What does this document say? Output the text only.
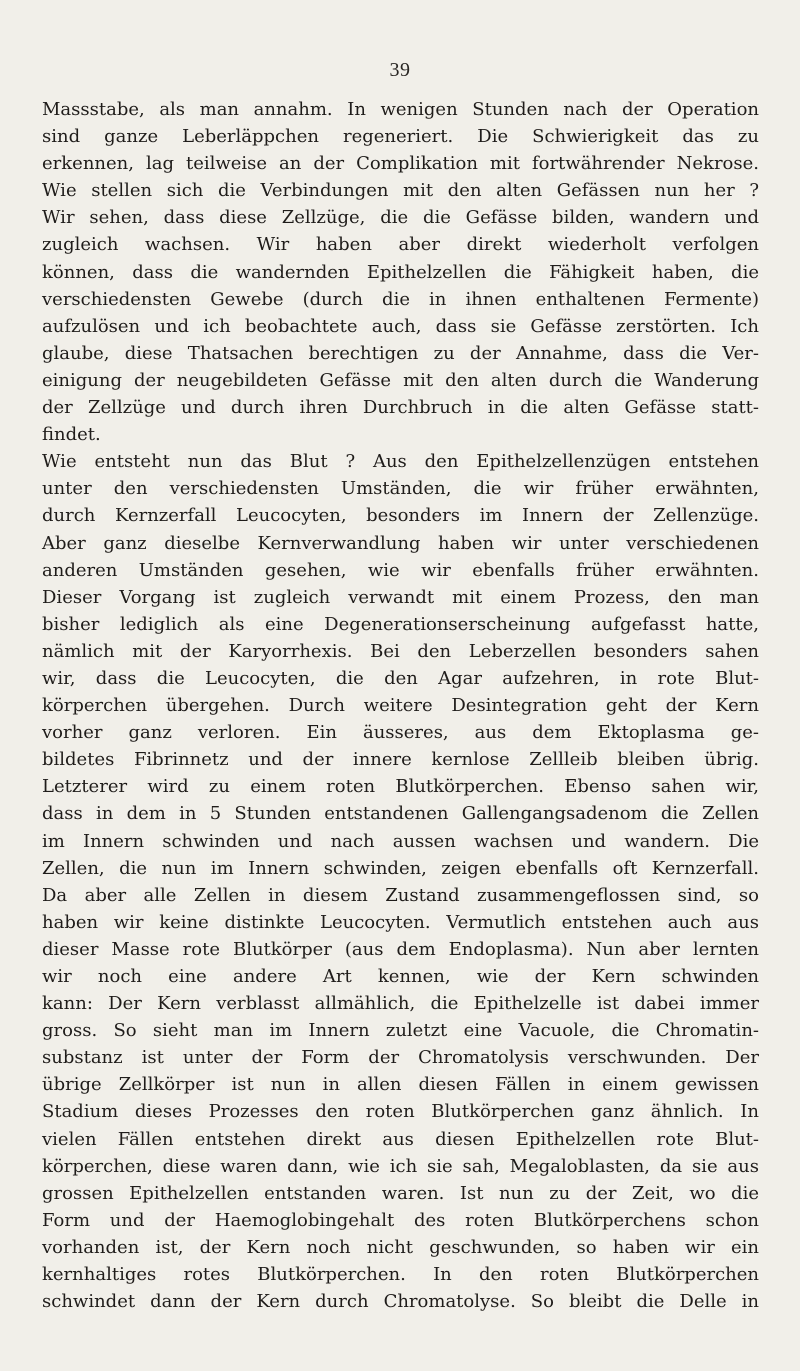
39
Massstabe, als man annahm. In wenigen Stunden nach der Operation
sind ganze Leberläppchen regeneriert. Die Schwierigkeit das zu
erkennen, lag teilweise an der Complikation mit fortwährender Nekrose.
Wie stellen sich die Verbindungen mit den alten Gefässen nun her ?
Wir sehen, dass diese Zellzüge, die die Gefässe bilden, wandern und
zugleich wachsen. Wir haben aber direkt wiederholt verfolgen
können, dass die wandernden Epithelzellen die Fähigkeit haben, die
verschiedensten Gewebe (durch die in ihnen enthaltenen Fermente)
aufzulösen und ich beobachtete auch, dass sie Gefässe zerstörten. Ich
glaube, diese Thatsachen berechtigen zu der Annahme, dass die Ver-
einigung der neugebildeten Gefässe mit den alten durch die Wanderung
der Zellzüge und durch ihren Durchbruch in die alten Gefässe statt-
findet.
Wie entsteht nun das Blut ? Aus den Epithelzellenzügen entstehen
unter den verschiedensten Umständen, die wir früher erwähnten,
durch Kernzerfall Leucocyten, besonders im Innern der Zellenzüge.
Aber ganz dieselbe Kernverwandlung haben wir unter verschiedenen
anderen Umständen gesehen, wie wir ebenfalls früher erwähnten.
Dieser Vorgang ist zugleich verwandt mit einem Prozess, den man
bisher lediglich als eine Degenerationserscheinung aufgefasst hatte,
nämlich mit der Karyorrhexis. Bei den Leberzellen besonders sahen
wir, dass die Leucocyten, die den Agar aufzehren, in rote Blut-
körperchen übergehen. Durch weitere Desintegration geht der Kern
vorher ganz verloren. Ein äusseres, aus dem Ektoplasma ge-
bildetes Fibrinnetz und der innere kernlose Zellleib bleiben übrig.
Letzterer wird zu einem roten Blutkörperchen. Ebenso sahen wir,
dass in dem in 5 Stunden entstandenen Gallengangsadenom die Zellen
im Innern schwinden und nach aussen wachsen und wandern. Die
Zellen, die nun im Innern schwinden, zeigen ebenfalls oft Kernzerfall.
Da aber alle Zellen in diesem Zustand zusammengeflossen sind, so
haben wir keine distinkte Leucocyten. Vermutlich entstehen auch aus
dieser Masse rote Blutkörper (aus dem Endoplasma). Nun aber lernten
wir noch eine andere Art kennen, wie der Kern schwinden
kann: Der Kern verblasst allmählich, die Epithelzelle ist dabei immer
gross. So sieht man im Innern zuletzt eine Vacuole, die Chromatin-
substanz ist unter der Form der Chromatolysis verschwunden. Der
übrige Zellkörper ist nun in allen diesen Fällen in einem gewissen
Stadium dieses Prozesses den roten Blutkörperchen ganz ähnlich. In
vielen Fällen entstehen direkt aus diesen Epithelzellen rote Blut-
körperchen, diese waren dann, wie ich sie sah, Megaloblasten, da sie aus
grossen Epithelzellen entstanden waren. Ist nun zu der Zeit, wo die
Form und der Haemoglobingehalt des roten Blutkörperchens schon
vorhanden ist, der Kern noch nicht geschwunden, so haben wir ein
kernhaltiges rotes Blutkörperchen. In den roten Blutkörperchen
schwindet dann der Kern durch Chromatolyse. So bleibt die Delle in
